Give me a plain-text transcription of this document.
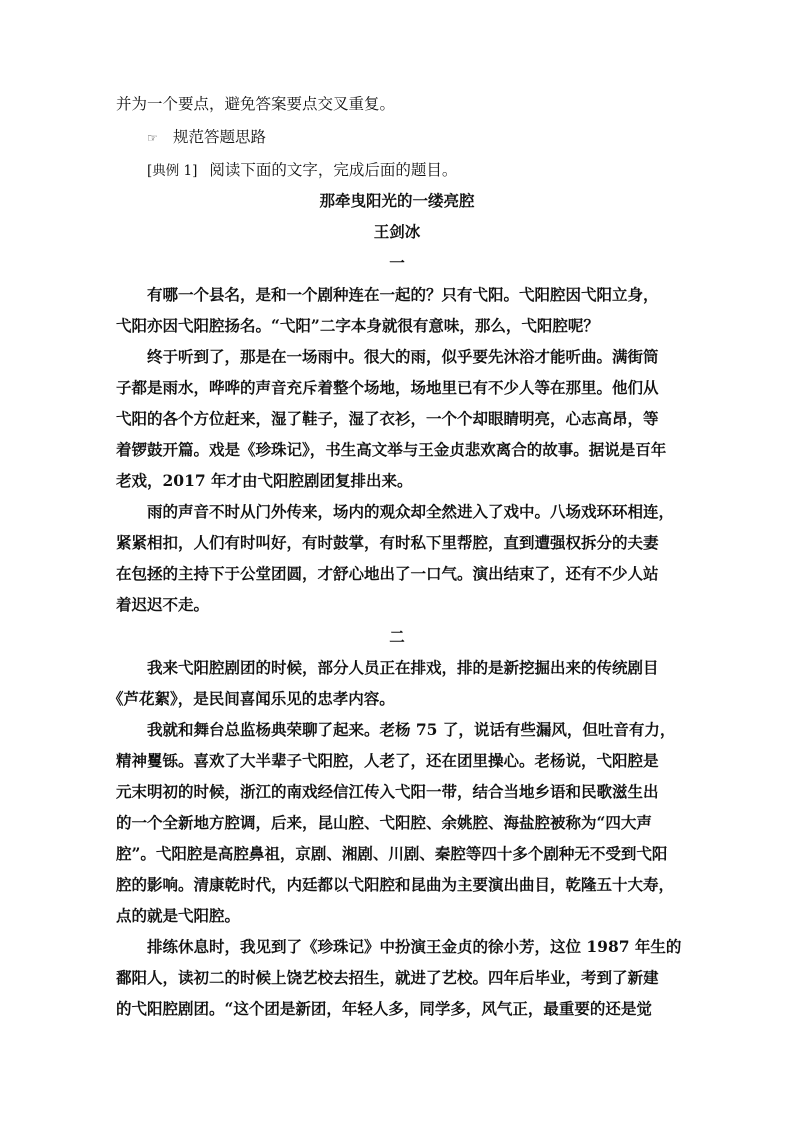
并为一个要点，避免答案要点交叉重复。
☞ 规范答题思路
[典例 1] 阅读下面的文字，完成后面的题目。
那牵曳阳光的一缕亮腔
王剑冰
一
有哪一个县名，是和一个剧种连在一起的？只有弋阳。弋阳腔因弋阳立身，
弋阳亦因弋阳腔扬名。“弋阳”二字本身就很有意味，那么，弋阳腔呢？
终于听到了，那是在一场雨中。很大的雨，似乎要先沐浴才能听曲。满街筒
子都是雨水，哗哗的声音充斥着整个场地，场地里已有不少人等在那里。他们从
弋阳的各个方位赶来，湿了鞋子，湿了衣衫，一个个却眼睛明亮，心志高昂，等
着锣鼓开篇。戏是《珍珠记》，书生高文举与王金贞悲欢离合的故事。据说是百年
老戏，2017 年才由弋阳腔剧团复排出来。
雨的声音不时从门外传来，场内的观众却全然进入了戏中。八场戏环环相连，
紧紧相扣，人们有时叫好，有时鼓掌，有时私下里帮腔，直到遭强权拆分的夫妻
在包拯的主持下于公堂团圆，才舒心地出了一口气。演出结束了，还有不少人站
着迟迟不走。
二
我来弋阳腔剧团的时候，部分人员正在排戏，排的是新挖掘出来的传统剧目
《芦花絮》，是民间喜闻乐见的忠孝内容。
我就和舞台总监杨典荣聊了起来。老杨 75 了，说话有些漏风，但吐音有力，
精神矍铄。喜欢了大半辈子弋阳腔，人老了，还在团里操心。老杨说，弋阳腔是
元末明初的时候，浙江的南戏经信江传入弋阳一带，结合当地乡语和民歌滋生出
的一个全新地方腔调，后来，昆山腔、弋阳腔、余姚腔、海盐腔被称为“四大声
腔”。弋阳腔是高腔鼻祖，京剧、湘剧、川剧、秦腔等四十多个剧种无不受到弋阳
腔的影响。清康乾时代，内廷都以弋阳腔和昆曲为主要演出曲目，乾隆五十大寿，
点的就是弋阳腔。
排练休息时，我见到了《珍珠记》中扮演王金贞的徐小芳，这位 1987 年生的
鄱阳人，读初二的时候上饶艺校去招生，就进了艺校。四年后毕业，考到了新建
的弋阳腔剧团。“这个团是新团，年轻人多，同学多，风气正，最重要的还是觉
